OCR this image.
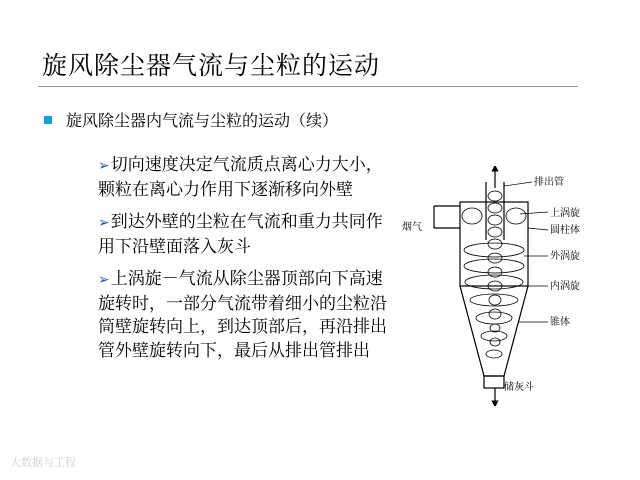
旋风除尘器气流与尘粒的运动
旋风除尘器内气流与尘粒的运动（续）
➢切向速度决定气流质点离心力大小，颗粒在离心力作用下逐渐移向外壁
➢到达外壁的尘粒在气流和重力共同作用下沿壁面落入灰斗
➢上涡旋－气流从除尘器顶部向下高速旋转时，一部分气流带着细小的尘粒沿筒壁旋转向上，到达顶部后，再沿排出管外壁旋转向下，最后从排出管排出
排出管
烟气
上涡旋
圆柱体
外涡旋
内涡旋
锥体
储灰斗
大数据与工程
